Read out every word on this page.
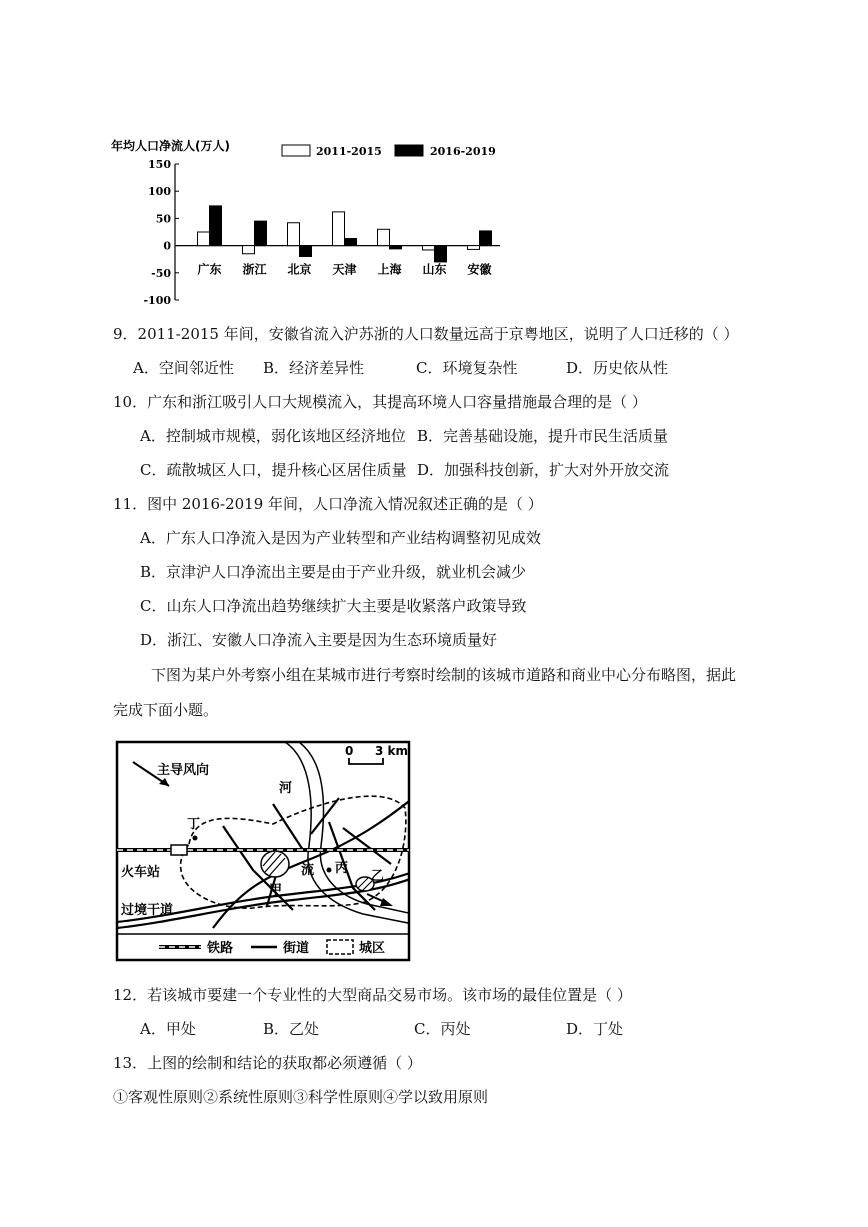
年均人口净流人(万人)	2011-2015	2016-2019
150
100
50
0
-50
-100
广东 浙江 北京 天津 上海 山东 安徽
9．2011-2015 年间，安徽省流入沪苏浙的人口数量远高于京粤地区，说明了人口迁移的（ ）
A．空间邻近性 B．经济差异性	C．环境复杂性	D．历史依从性
10．广东和浙江吸引人口大规模流入，其提高环境人口容量措施最合理的是（ ）
A．控制城市规模，弱化该地区经济地位 B．完善基础设施，提升市民生活质量
C．疏散城区人口，提升核心区居住质量 D．加强科技创新，扩大对外开放交流
11．图中 2016-2019 年间，人口净流入情况叙述正确的是（ ）
A．广东人口净流入是因为产业转型和产业结构调整初见成效
B．京津沪人口净流出主要是由于产业升级，就业机会减少
C．山东人口净流出趋势继续扩大主要是收紧落户政策导致
D．浙江、安徽人口净流入主要是因为生态环境质量好
下图为某户外考察小组在某城市进行考察时绘制的该城市道路和商业中心分布略图，据此
完成下面小题。
0 3 km
主导风向
河
流
甲
丙
乙
丁
火车站
过境干道
铁路	街道	城区
12．若该城市要建一个专业性的大型商品交易市场。该市场的最佳位置是（ ）
A．甲处	B．乙处	C．丙处	D．丁处
13．上图的绘制和结论的获取都必须遵循（ ）
①客观性原则②系统性原则③科学性原则④学以致用原则
